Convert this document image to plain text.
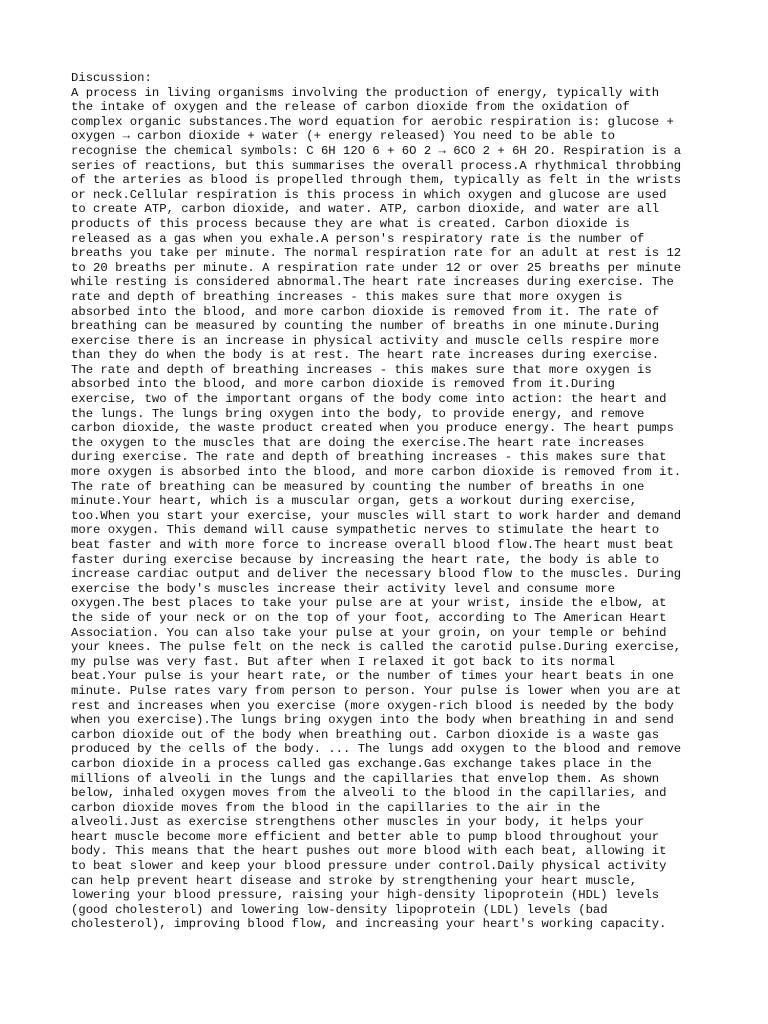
Discussion:
A process in living organisms involving the production of energy, typically with
the intake of oxygen and the release of carbon dioxide from the oxidation of
complex organic substances.The word equation for aerobic respiration is: glucose +
oxygen → carbon dioxide + water (+ energy released) You need to be able to
recognise the chemical symbols: C 6H 12O 6 + 6O 2 → 6CO 2 + 6H 2O. Respiration is a
series of reactions, but this summarises the overall process.A rhythmical throbbing
of the arteries as blood is propelled through them, typically as felt in the wrists
or neck.Cellular respiration is this process in which oxygen and glucose are used
to create ATP, carbon dioxide, and water. ATP, carbon dioxide, and water are all
products of this process because they are what is created. Carbon dioxide is
released as a gas when you exhale.A person's respiratory rate is the number of
breaths you take per minute. The normal respiration rate for an adult at rest is 12
to 20 breaths per minute. A respiration rate under 12 or over 25 breaths per minute
while resting is considered abnormal.The heart rate increases during exercise. The
rate and depth of breathing increases - this makes sure that more oxygen is
absorbed into the blood, and more carbon dioxide is removed from it. The rate of
breathing can be measured by counting the number of breaths in one minute.During
exercise there is an increase in physical activity and muscle cells respire more
than they do when the body is at rest. The heart rate increases during exercise.
The rate and depth of breathing increases - this makes sure that more oxygen is
absorbed into the blood, and more carbon dioxide is removed from it.During
exercise, two of the important organs of the body come into action: the heart and
the lungs. The lungs bring oxygen into the body, to provide energy, and remove
carbon dioxide, the waste product created when you produce energy. The heart pumps
the oxygen to the muscles that are doing the exercise.The heart rate increases
during exercise. The rate and depth of breathing increases - this makes sure that
more oxygen is absorbed into the blood, and more carbon dioxide is removed from it.
The rate of breathing can be measured by counting the number of breaths in one
minute.Your heart, which is a muscular organ, gets a workout during exercise,
too.When you start your exercise, your muscles will start to work harder and demand
more oxygen. This demand will cause sympathetic nerves to stimulate the heart to
beat faster and with more force to increase overall blood flow.The heart must beat
faster during exercise because by increasing the heart rate, the body is able to
increase cardiac output and deliver the necessary blood flow to the muscles. During
exercise the body's muscles increase their activity level and consume more
oxygen.The best places to take your pulse are at your wrist, inside the elbow, at
the side of your neck or on the top of your foot, according to The American Heart
Association. You can also take your pulse at your groin, on your temple or behind
your knees. The pulse felt on the neck is called the carotid pulse.During exercise,
my pulse was very fast. But after when I relaxed it got back to its normal
beat.Your pulse is your heart rate, or the number of times your heart beats in one
minute. Pulse rates vary from person to person. Your pulse is lower when you are at
rest and increases when you exercise (more oxygen-rich blood is needed by the body
when you exercise).The lungs bring oxygen into the body when breathing in and send
carbon dioxide out of the body when breathing out. Carbon dioxide is a waste gas
produced by the cells of the body. ... The lungs add oxygen to the blood and remove
carbon dioxide in a process called gas exchange.Gas exchange takes place in the
millions of alveoli in the lungs and the capillaries that envelop them. As shown
below, inhaled oxygen moves from the alveoli to the blood in the capillaries, and
carbon dioxide moves from the blood in the capillaries to the air in the
alveoli.Just as exercise strengthens other muscles in your body, it helps your
heart muscle become more efficient and better able to pump blood throughout your
body. This means that the heart pushes out more blood with each beat, allowing it
to beat slower and keep your blood pressure under control.Daily physical activity
can help prevent heart disease and stroke by strengthening your heart muscle,
lowering your blood pressure, raising your high-density lipoprotein (HDL) levels
(good cholesterol) and lowering low-density lipoprotein (LDL) levels (bad
cholesterol), improving blood flow, and increasing your heart's working capacity.
